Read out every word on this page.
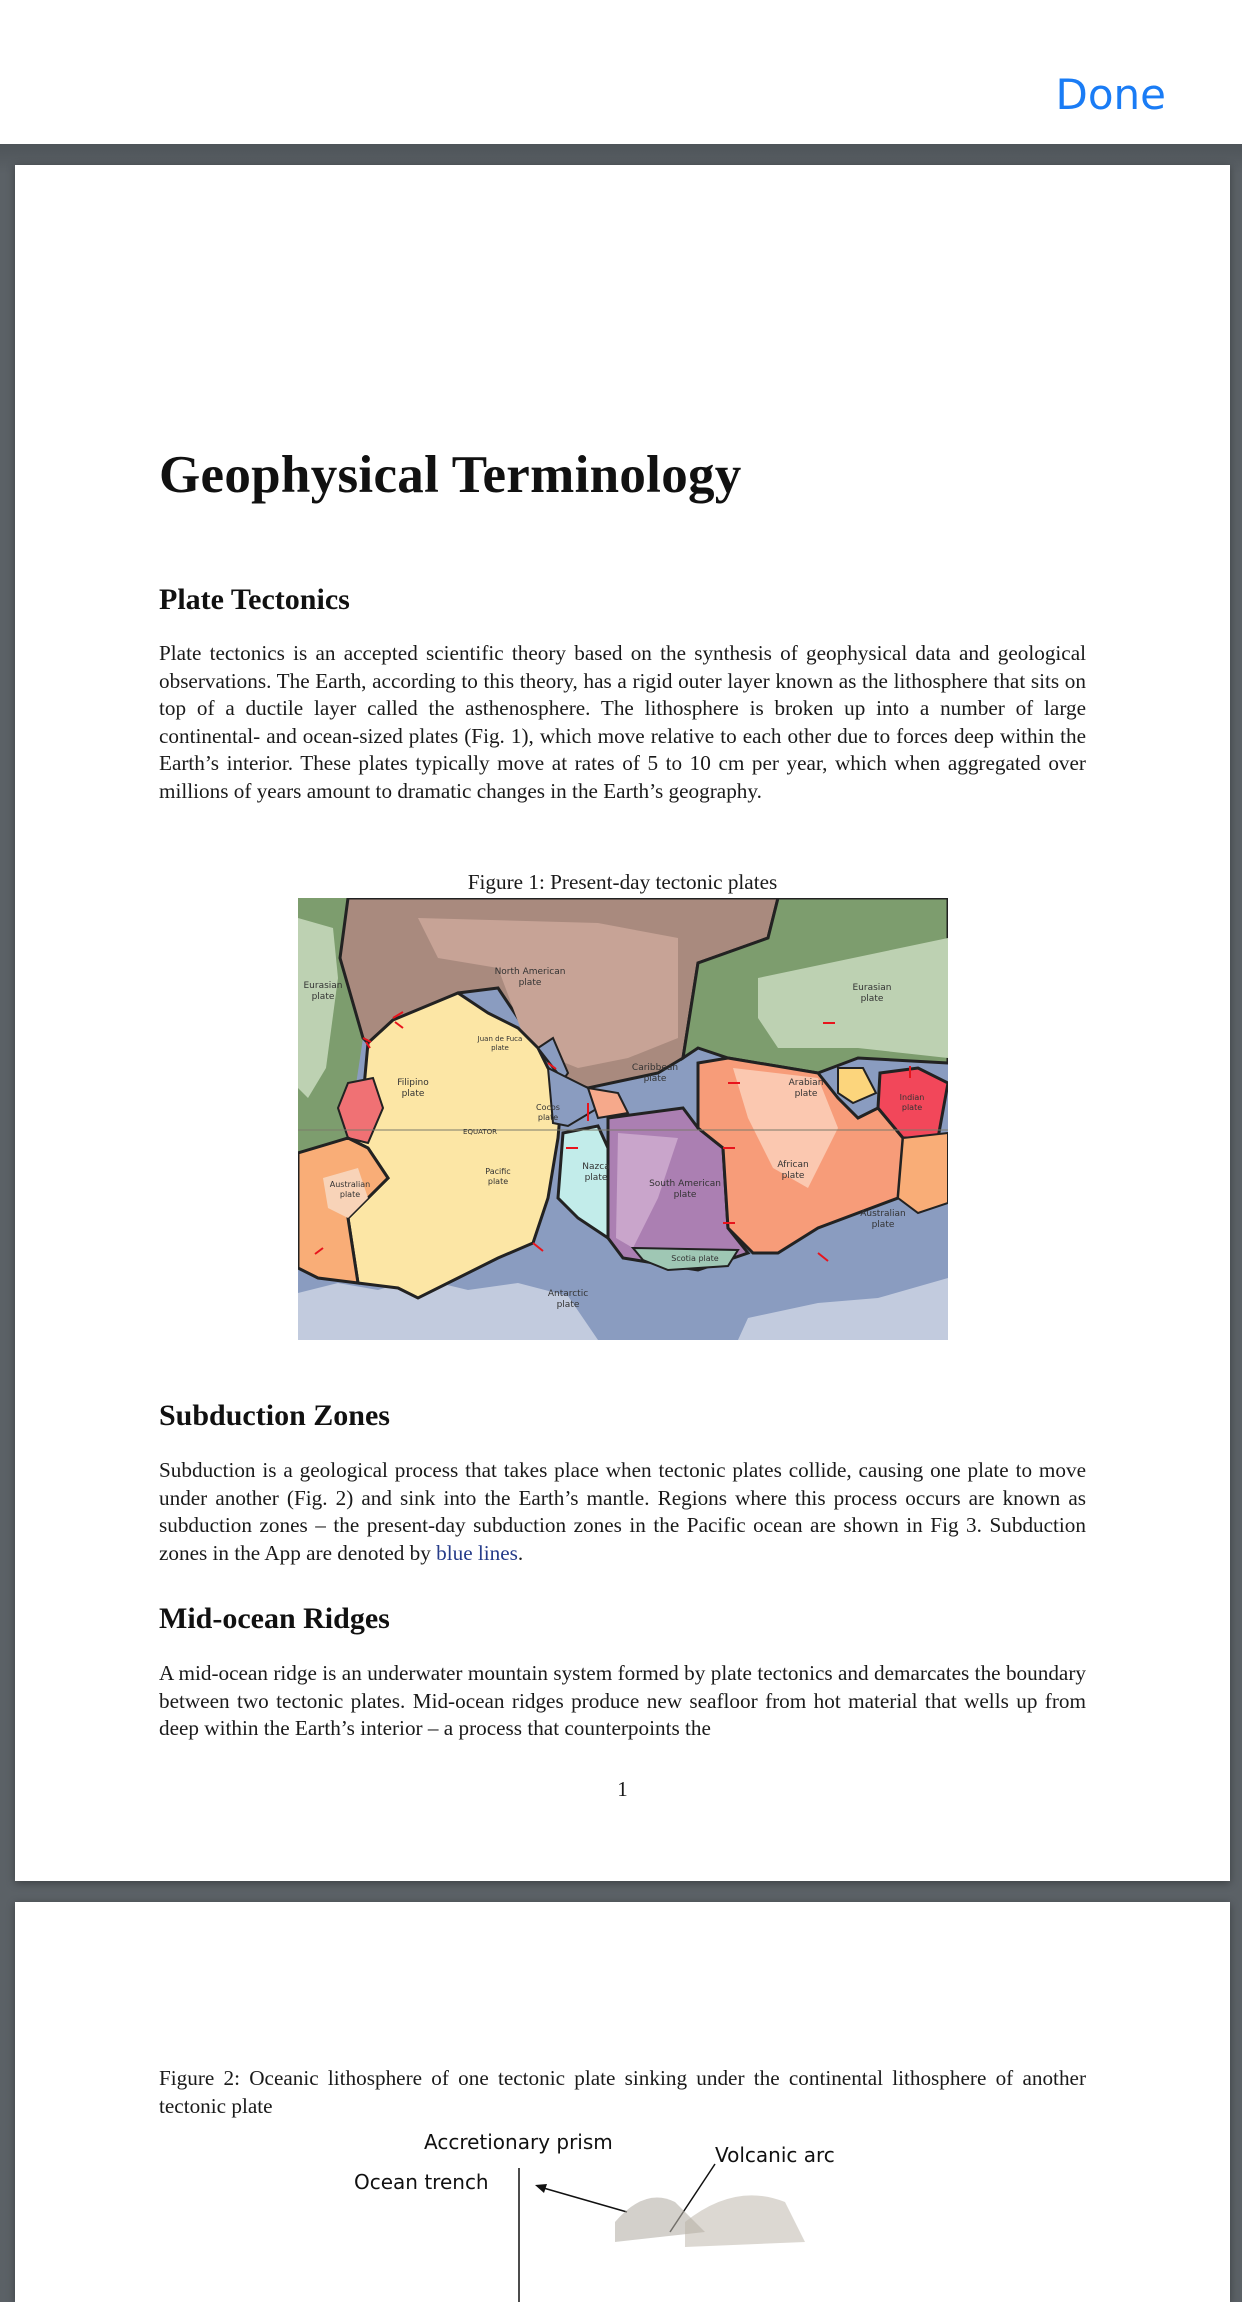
Done
Geophysical Terminology
Plate Tectonics

Plate tectonics is an accepted scientific theory based on the synthesis of geophysical data and geological observations. The Earth, according to this theory, has a rigid outer layer known as the lithosphere that sits on top of a ductile layer called the asthenosphere. The lithosphere is broken up into a number of large continental- and ocean-sized plates (Fig. 1), which move relative to each other due to forces deep within the Earth’s interior. These plates typically move at rates of 5 to 10 cm per year, which when aggregated over millions of years amount to dramatic changes in the Earth’s geography.

Figure 1: Present-day tectonic plates
EQUATOR
Eurasian
plate
North American
plate	Eurasian
plate
Juan de Fuca
plate
Filipino
plate
Caribbean
plate
Cocos
plate
Arabian
plate	Indian
plate
Pacific
plate
Nazca
plate
Australian
plate
South American
plate
African
plate
Australian
plate
Scotia plate
Antarctic
plate
Subduction Zones

Subduction is a geological process that takes place when tectonic plates collide, causing one plate to move under another (Fig. 2) and sink into the Earth’s mantle. Regions where this process occurs are known as subduction zones – the present-day subduction zones in the Pacific ocean are shown in Fig 3. Subduction zones in the App are denoted by blue lines.

Mid-ocean Ridges

A mid-ocean ridge is an underwater mountain system formed by plate tectonics and demarcates the boundary between two tectonic plates. Mid-ocean ridges produce new seafloor from hot material that wells up from deep within the Earth’s interior – a process that counterpoints the

1
Figure 2: Oceanic lithosphere of one tectonic plate sinking under the continental lithosphere of another tectonic plate
Accretionary prism
Volcanic arc
Ocean trench
